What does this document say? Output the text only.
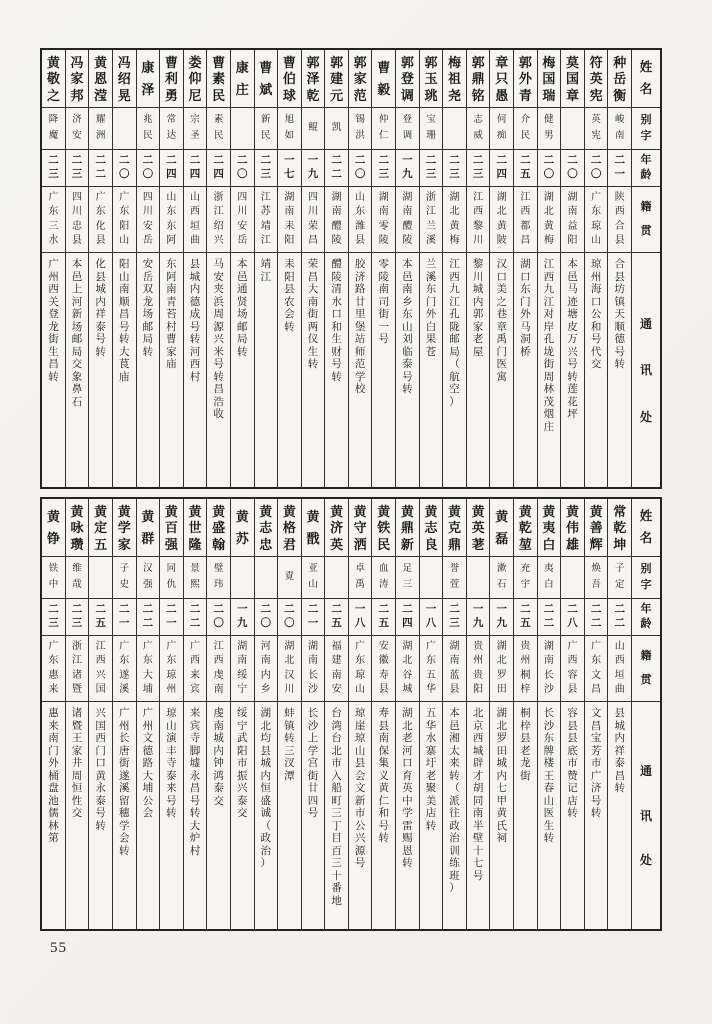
姓
名
别
字
年
龄
籍
贯
通
讯
处
种
岳
衡
峻
南
二
一
陕
西
合
县
合
县
坊
镇
天
顺
德
号
转
符
英
宪
英
宪
二
〇
广
东
琼
山
琼
州
海
口
公
和
号
代
交
莫
国
章
二
〇
湖
南
益
阳
本
邑
马
迹
塘
皮
万
兴
号
转
莲
花
坪
梅
国
瑞
健
男
二
〇
湖
北
黄
梅
江
西
九
江
对
岸
孔
垅
街
周
林
茂
烟
庄
郭
外
青
介
民
二
五
江
西
都
昌
湖
口
东
门
外
马
洞
桥
章
只
愚
何
痴
二
四
湖
北
黄
陂
汉
口
美
之
巷
章
禹
门
医
寓
郭
鼎
铭
志
威
二
三
江
西
黎
川
黎
川
城
内
郭
家
老
屋
梅
祖
尧
二
三
湖
北
黄
梅
江
西
九
江
孔
陇
邮
局
（
航
空
）
郭
玉
珧
宝
珊
二
三
浙
江
兰
溪
兰
溪
东
门
外
白
果
苍
郭
登
调
登
调
一
九
湖
南
醴
陵
本
邑
南
乡
东
山
刘
临
泰
号
转
曹
毅
仲
仁
二
三
湖
南
零
陵
零
陵
南
司
街
一
号
郭
家
范
锡
洪
二
〇
山
东
潍
县
胶
济
路
廿
里
堡
站
师
范
学
校
郭
建
元
凯
二
二
湖
南
醴
陵
醴
陵
清
水
口
和
生
财
号
转
郭
泽
乾
鲲
一
九
四
川
荣
昌
荣
昌
大
南
街
两
仪
生
转
曹
伯
球
旭
如
一
七
湖
南
耒
阳
耒
阳
县
农
会
转
曹
斌
新
民
二
三
江
苏
靖
江
靖
江
康
庄
二
〇
四
川
安
岳
本
邑
通
贤
场
邮
局
转
曹
素
民
素
民
二
四
浙
江
绍
兴
马
安
夹
浜
周
源
兴
米
号
转
昌
浩
收
娄
仰
尼
宗
圣
二
四
山
西
垣
曲
县
城
内
德
成
号
转
河
西
村
曹
利
勇
常
达
二
四
山
东
东
阿
东
阿
南
青
苔
村
曹
家
庙
康
泽
兆
民
二
〇
四
川
安
岳
安
岳
双
龙
场
邮
局
转
冯
绍
晃
二
〇
广
东
阳
山
阳
山
南
顺
昌
号
转
大
茛
庙
黄
恩
滢
耀
洲
二
二
广
东
化
县
化
县
城
内
祥
泰
号
转
冯
家
邦
济
安
二
三
四
川
忠
县
本
邑
上
河
新
场
邮
局
交
象
鼻
石
黄
敬
之
降
魔
二
三
广
东
三
水
广
州
西
关
登
龙
街
生
昌
转
姓
名
别
字
年
龄
籍
贯
通
讯
处
常
乾
坤
子
定
二
二
山
西
垣
曲
县
城
内
祥
泰
昌
转
黄
善
辉
焕
吾
二
二
广
东
文
昌
文
昌
宝
芳
市
广
济
号
转
黄
伟
雄
二
八
广
西
容
县
容
县
县
底
市
赞
记
店
转
黄
夷
白
夷
白
二
二
湖
南
长
沙
长
沙
东
牌
楼
王
春
山
医
生
转
黄
乾
堃
充
宇
二
五
贵
州
桐
梓
桐
梓
县
老
龙
街
黄
磊
漱
石
一
九
湖
北
罗
田
湖
北
罗
田
城
内
七
甲
黄
氏
祠
黄
英
荖
一
九
贵
州
贵
阳
北
京
西
城
辟
才
胡
同
南
半
壁
十
七
号
黄
克
鼎
誉
萱
二
三
湖
南
蓝
县
本
邑
湘
太
来
转
（
派
往
政
治
训
练
班
）
黄
志
良
一
八
广
东
五
华
五
华
水
寨
圩
老
聚
美
店
转
黄
鼎
新
足
三
二
四
湖
北
谷
城
湖
北
老
河
口
育
英
中
学
雷
赐
恩
转
黄
铁
民
血
涛
二
五
安
徽
寿
县
寿
县
南
保
集
义
黄
仁
和
号
转
黄
守
洒
卓
禹
一
八
广
东
琼
山
琼
崖
琼
山
县
会
文
新
市
公
兴
源
号
黄
济
英
二
五
福
建
南
安
台
湾
台
北
市
入
船
町
三
丁
目
百
三
十
番
地
黄
戬
亚
山
二
一
湖
南
长
沙
长
沙
上
学
宫
街
廿
四
号
黄
格
君
覔
二
〇
湖
北
汉
川
蚌
镇
转
三
汊
潭
黄
志
忠
二
〇
河
南
内
乡
湖
北
均
县
城
内
恒
盛
诚
（
政
治
）
黄
苏
一
九
湖
南
绥
宁
绥
宁
武
阳
市
振
兴
泰
交
黄
盛
翰
璧
玮
二
〇
江
西
虔
南
虔
南
城
内
钟
鸿
泰
交
黄
世
隆
景
熙
二
二
广
西
来
宾
来
宾
寺
脚
墟
永
昌
号
转
大
炉
村
黄
百
强
同
仇
二
一
广
东
琼
州
琼
山
演
丰
寺
泰
来
号
转
黄
群
汉
强
二
二
广
东
大
埔
广
州
文
德
路
大
埔
公
会
黄
学
家
子
史
二
一
广
东
遂
溪
广
州
长
唐
街
遂
溪
留
穗
学
会
转
黄
定
五
二
五
江
西
兴
国
兴
国
西
门
口
黄
永
泰
号
转
黄
咏
瓒
维
哉
二
三
浙
江
诸
暨
诸
暨
王
家
井
周
恒
性
交
黄
铮
铁
中
二
三
广
东
惠
来
惠
来
南
门
外
桶
盘
池
儒
林
第
55
